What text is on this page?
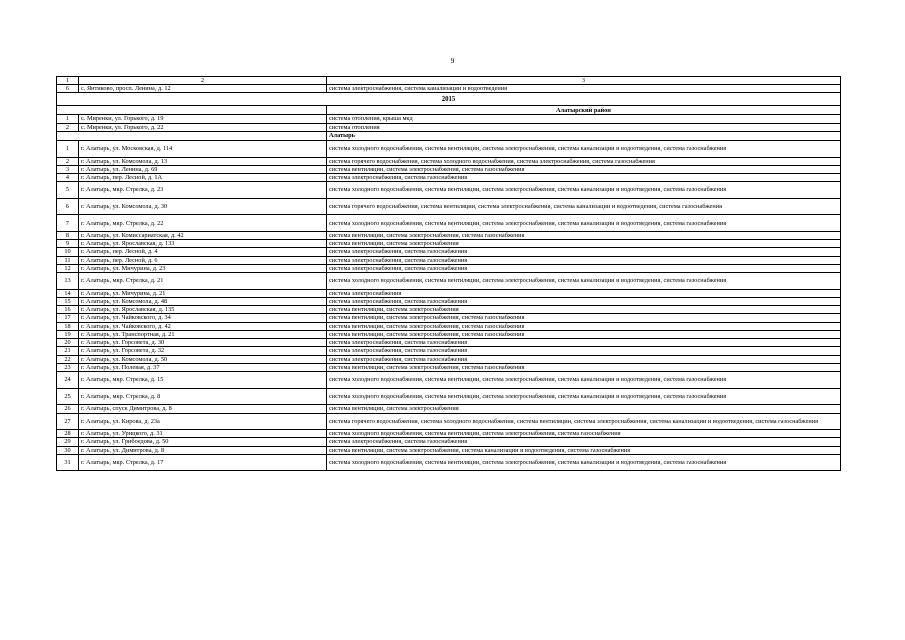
9
1	2	3
6	с. Янтиково, просп. Ленина, д. 12	система электроснабжения, система канализации и водоотведения
2015		
		Алатырский район
1	с. Миренки, ул. Горького, д. 19	система отопления, крыша мкд
2	с. Миренки, ул. Горького, д. 22	система отопления
		Алатырь
1	г. Алатырь, ул. Московская, д. 114	система холодного водоснабжения, система вентиляции, система электроснабжения, система канализации и водоотведения, система газоснабжения
2	г. Алатырь, ул. Комсомола, д. 13	система горячего водоснабжения, система холодного водоснабжения, система электроснабжения, система газоснабжения
3	г. Алатырь, ул. Ленина, д. 69	система вентиляции, система электроснабжения, система газоснабжения
4	г. Алатырь, пер. Лесной, д. 1А	система электроснабжения, система газоснабжения
5	г. Алатырь, мкр. Стрелка, д. 23	система холодного водоснабжения, система вентиляции, система электроснабжения, система канализации и водоотведения, система газоснабжения
6	г. Алатырь, ул. Комсомола, д. 30	система горячего водоснабжения, система вентиляции, система электроснабжения, система канализации и водоотведения, система газоснабжения
7	г. Алатырь, мкр. Стрелка, д. 22	система холодного водоснабжения, система вентиляции, система электроснабжения, система канализации и водоотведения, система газоснабжения
8	г. Алатырь, ул. Комиссариатская, д. 42	система вентиляции, система электроснабжения, система газоснабжения
9	г. Алатырь, ул. Ярославская, д. 133	система вентиляции, система электроснабжения
10	г. Алатырь, пер. Лесной, д. 4	система электроснабжения, система газоснабжения
11	г. Алатырь, пер. Лесной, д. 6	система электроснабжения, система газоснабжения
12	г. Алатырь, ул. Мичурина, д. 23	система электроснабжения, система газоснабжения
13	г. Алатырь, мкр. Стрелка, д. 21	система холодного водоснабжения, система вентиляции, система электроснабжения, система канализации и водоотведения, система газоснабжения
14	г. Алатырь, ул. Мичурина, д. 21	система электроснабжения
15	г. Алатырь, ул. Комсомола, д. 48	система электроснабжения, система газоснабжения
16	г. Алатырь, ул. Ярославская, д. 135	система вентиляции, система электроснабжения
17	г. Алатырь, ул. Чайковского, д. 34	система вентиляции, система электроснабжения, система газоснабжения
18	г. Алатырь, ул. Чайковского, д. 42	система вентиляции, система электроснабжения, система газоснабжения
19	г. Алатырь, ул. Транспортная, д. 21	система вентиляции, система электроснабжения, система газоснабжения
20	г. Алатырь, ул. Горсовета, д. 30	система электроснабжения, система газоснабжения
21	г. Алатырь, ул. Горсовета, д. 32	система электроснабжения, система газоснабжения
22	г. Алатырь, ул. Комсомола, д. 50	система электроснабжения, система газоснабжения
23	г. Алатырь, ул. Полевая, д. 37	система вентиляции, система электроснабжения, система газоснабжения
24	г. Алатырь, мкр. Стрелка, д. 15	система холодного водоснабжения, система вентиляции, система электроснабжения, система канализации и водоотведения, система газоснабжения
25	г. Алатырь, мкр. Стрелка, д. 8	система холодного водоснабжения, система вентиляции, система электроснабжения, система канализации и водоотведения, система газоснабжения
26	г. Алатырь, спуск Димитрова, д. 8	система вентиляции, система электроснабжения
27	г. Алатырь, ул. Кирова, д. 23а	система горячего водоснабжения, система холодного водоснабжения, система вентиляции, система электроснабжения, система канализации и водоотведения, система газоснабжения
28	г. Алатырь, ул. Урицкого, д. 31	система холодного водоснабжения, система вентиляции, система электроснабжения, система газоснабжения
29	г. Алатырь, ул. Грибоедова, д. 50	система электроснабжения, система газоснабжения
30	г. Алатырь, ул. Димитрова, д. 8	система вентиляции, система электроснабжения, система канализации и водоотведения, система газоснабжения
31	г. Алатырь, мкр. Стрелка, д. 17	система холодного водоснабжения, система вентиляции, система электроснабжения, система канализации и водоотведения, система газоснабжения
